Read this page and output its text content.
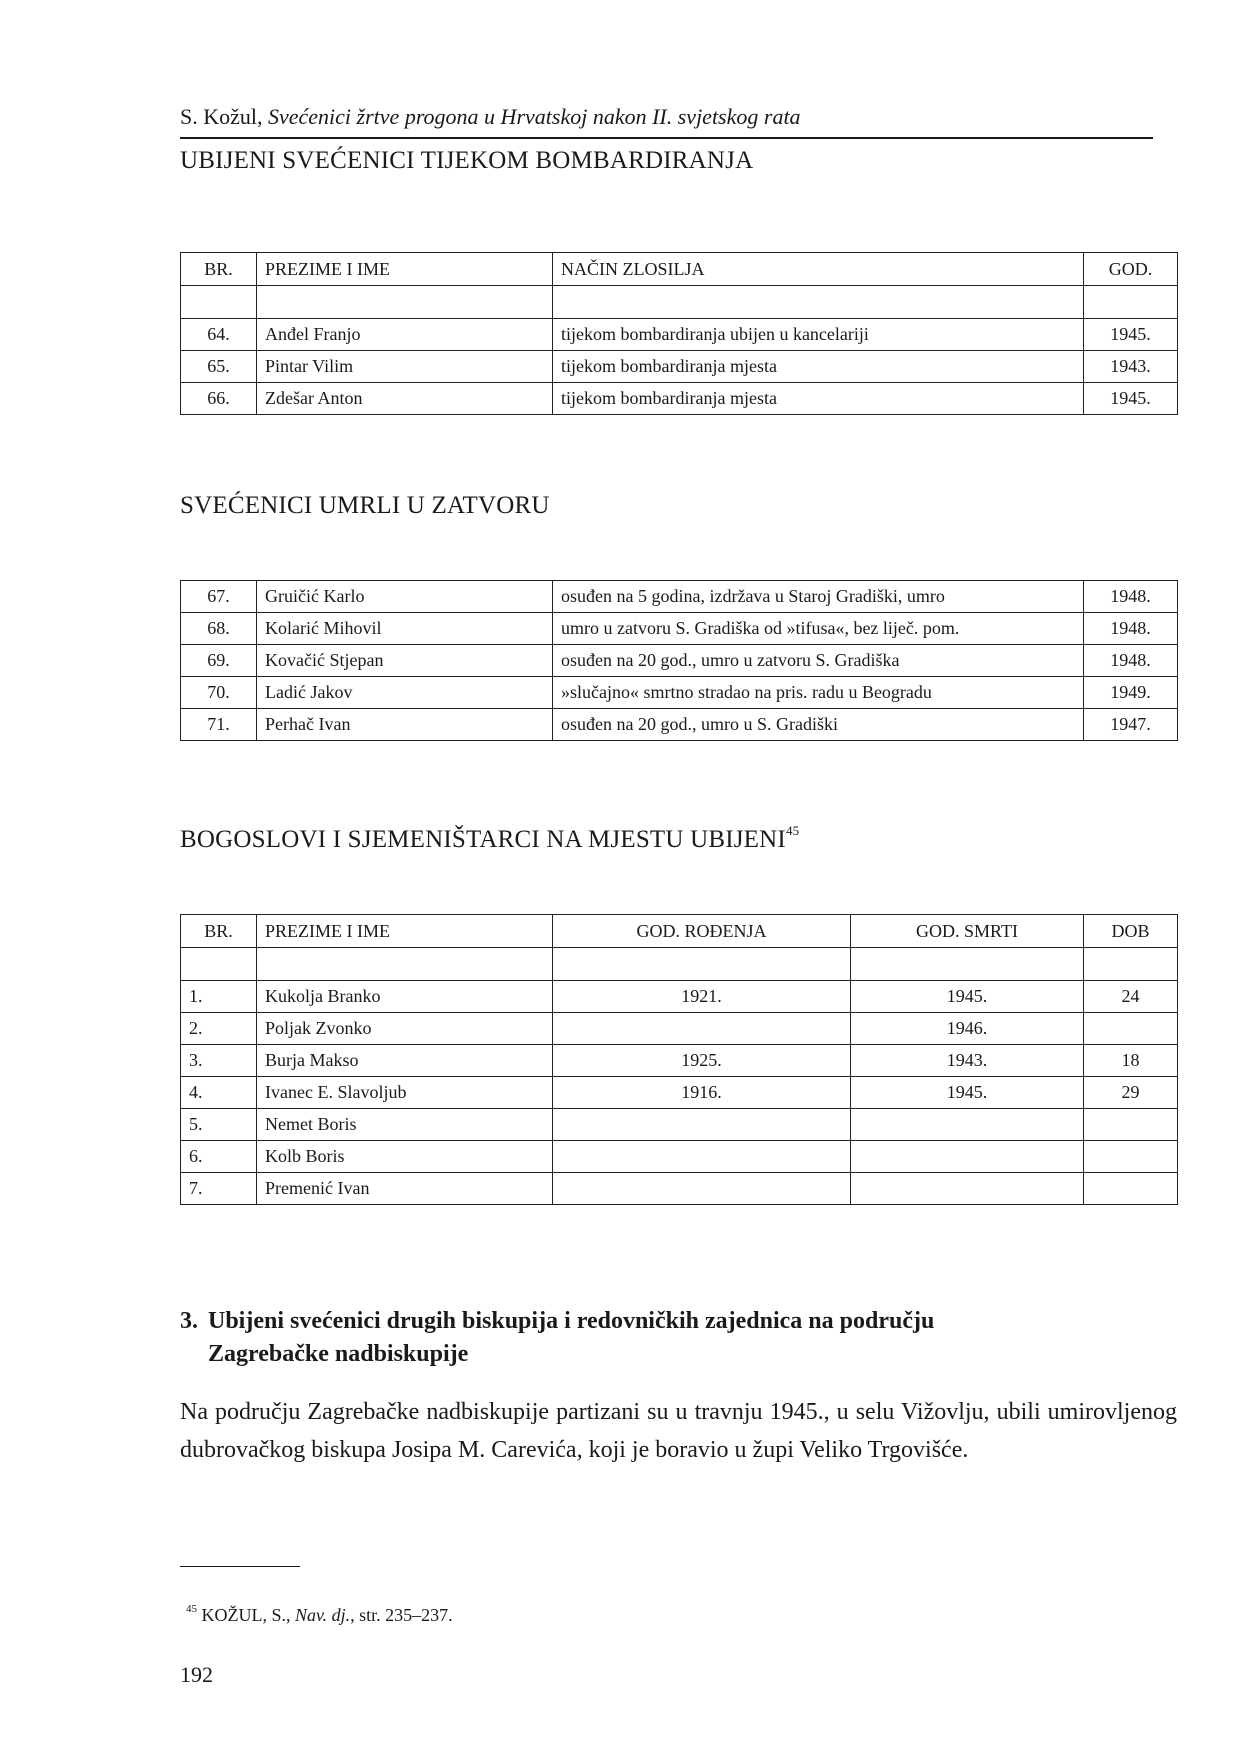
S. Kožul, Svećenici žrtve progona u Hrvatskoj nakon II. svjetskog rata
UBIJENI SVEĆENICI TIJEKOM BOMBARDIRANJA
BR.	PREZIME I IME	NAČIN ZLOSILJA	GOD.

64.	Anđel Franjo	tijekom bombardiranja ubijen u kancelariji	1945.
65.	Pintar Vilim	tijekom bombardiranja mjesta	1943.
66.	Zdešar Anton	tijekom bombardiranja mjesta	1945.
SVEĆENICI UMRLI U ZATVORU
67.	Gruičić Karlo	osuđen na 5 godina, izdržava u Staroj Gradiški, umro	1948.
68.	Kolarić Mihovil	umro u zatvoru S. Gradiška od »tifusa«, bez liječ. pom.	1948.
69.	Kovačić Stjepan	osuđen na 20 god., umro u zatvoru S. Gradiška	1948.
70.	Ladić Jakov	»slučajno« smrtno stradao na pris. radu u Beogradu	1949.
71.	Perhač Ivan	osuđen na 20 god., umro u S. Gradiški	1947.
BOGOSLOVI I SJEMENIŠTARCI NA MJESTU UBIJENI$^{45}$
BR.	PREZIME I IME	GOD. ROĐENJA	GOD. SMRTI	DOB

1.	Kukolja Branko	1921.	1945.	24
2.	Poljak Zvonko		1946.	
3.	Burja Makso	1925.	1943.	18
4.	Ivanec E. Slavoljub	1916.	1945.	29
5.	Nemet Boris			
6.	Kolb Boris			
7.	Premenić Ivan			
3. Ubijeni svećenici drugih biskupija i redovničkih zajednica na području
Zagrebačke nadbiskupije

Na području Zagrebačke nadbiskupije partizani su u travnju 1945., u selu Vižovlju, ubili umirovljenog dubrovačkog biskupa Josipa M. Carevića, koji je boravio u župi Veliko Trgovišće.

$^{45}$ KOŽUL, S., Nav. dj., str. 235–237.
192
